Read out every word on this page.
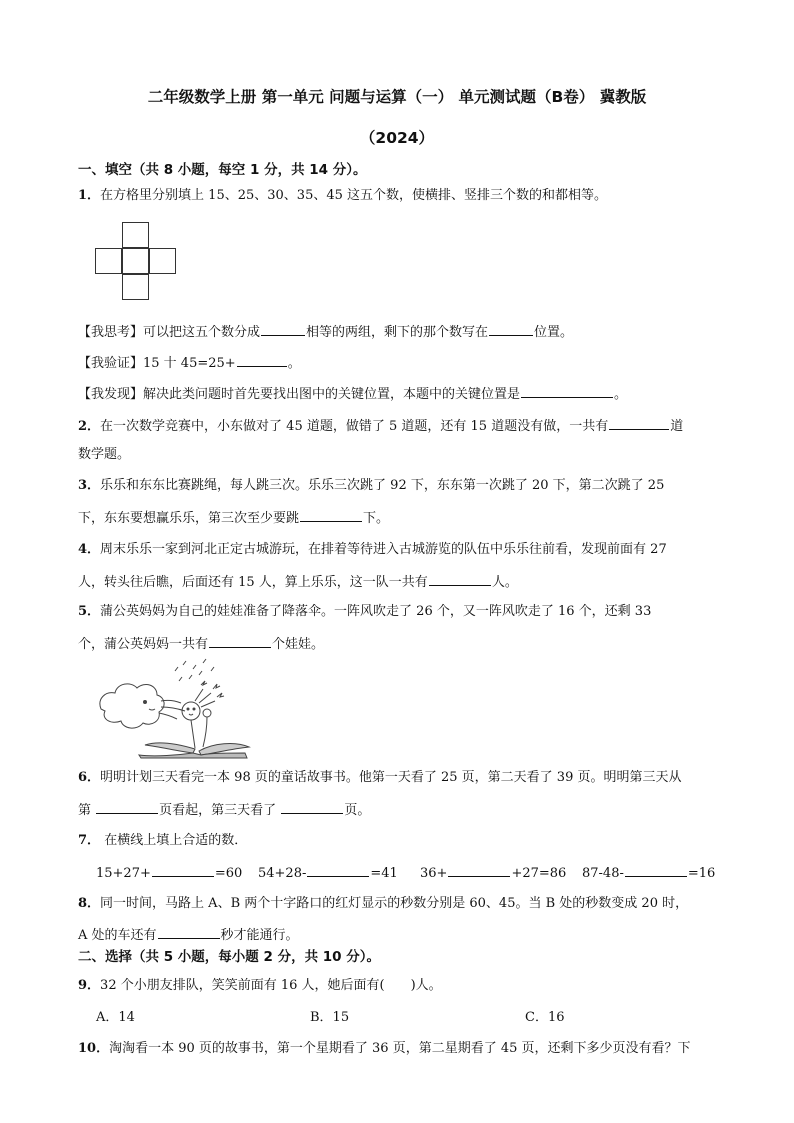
二年级数学上册 第一单元 问题与运算（一） 单元测试题（B卷） 冀教版
（2024）
一、填空（共 8 小题，每空 1 分，共 14 分）。
1．在方格里分别填上 15、25、30、35、45 这五个数，使横排、竖排三个数的和都相等。
【我思考】可以把这五个数分成	相等的两组，剩下的那个数写在	位置。
【我验证】15 十 45=25+	。
【我发现】解决此类问题时首先要找出图中的关键位置，本题中的关键位置是	。
2．在一次数学竞赛中，小东做对了 45 道题，做错了 5 道题，还有 15 道题没有做，一共有	道
数学题。
3．乐乐和东东比赛跳绳，每人跳三次。乐乐三次跳了 92 下，东东第一次跳了 20 下，第二次跳了 25
下，东东要想赢乐乐，第三次至少要跳	下。
4．周末乐乐一家到河北正定古城游玩，在排着等待进入古城游览的队伍中乐乐往前看，发现前面有 27
人，转头往后瞧，后面还有 15 人，算上乐乐，这一队一共有	人。
5．蒲公英妈妈为自己的娃娃准备了降落伞。一阵风吹走了 26 个，又一阵风吹走了 16 个，还剩 33
个，蒲公英妈妈一共有	个娃娃。
6．明明计划三天看完一本 98 页的童话故事书。他第一天看了 25 页，第二天看了 39 页。明明第三天从
第	页看起，第三天看了	页。
7． 在横线上填上合适的数．
15+27+	=60 54+28-	=41 36+	+27=86 87-48-	=16
8．同一时间，马路上 A、B 两个十字路口的红灯显示的秒数分别是 60、45。当 B 处的秒数变成 20 时，
A 处的车还有	秒才能通行。
二、选择（共 5 小题，每小题 2 分，共 10 分）。
9．32 个小朋友排队，笑笑前面有 16 人，她后面有(　　)人。
A．14	B．15	C．16
10．淘淘看一本 90 页的故事书，第一个星期看了 36 页，第二星期看了 45 页，还剩下多少页没有看？下
